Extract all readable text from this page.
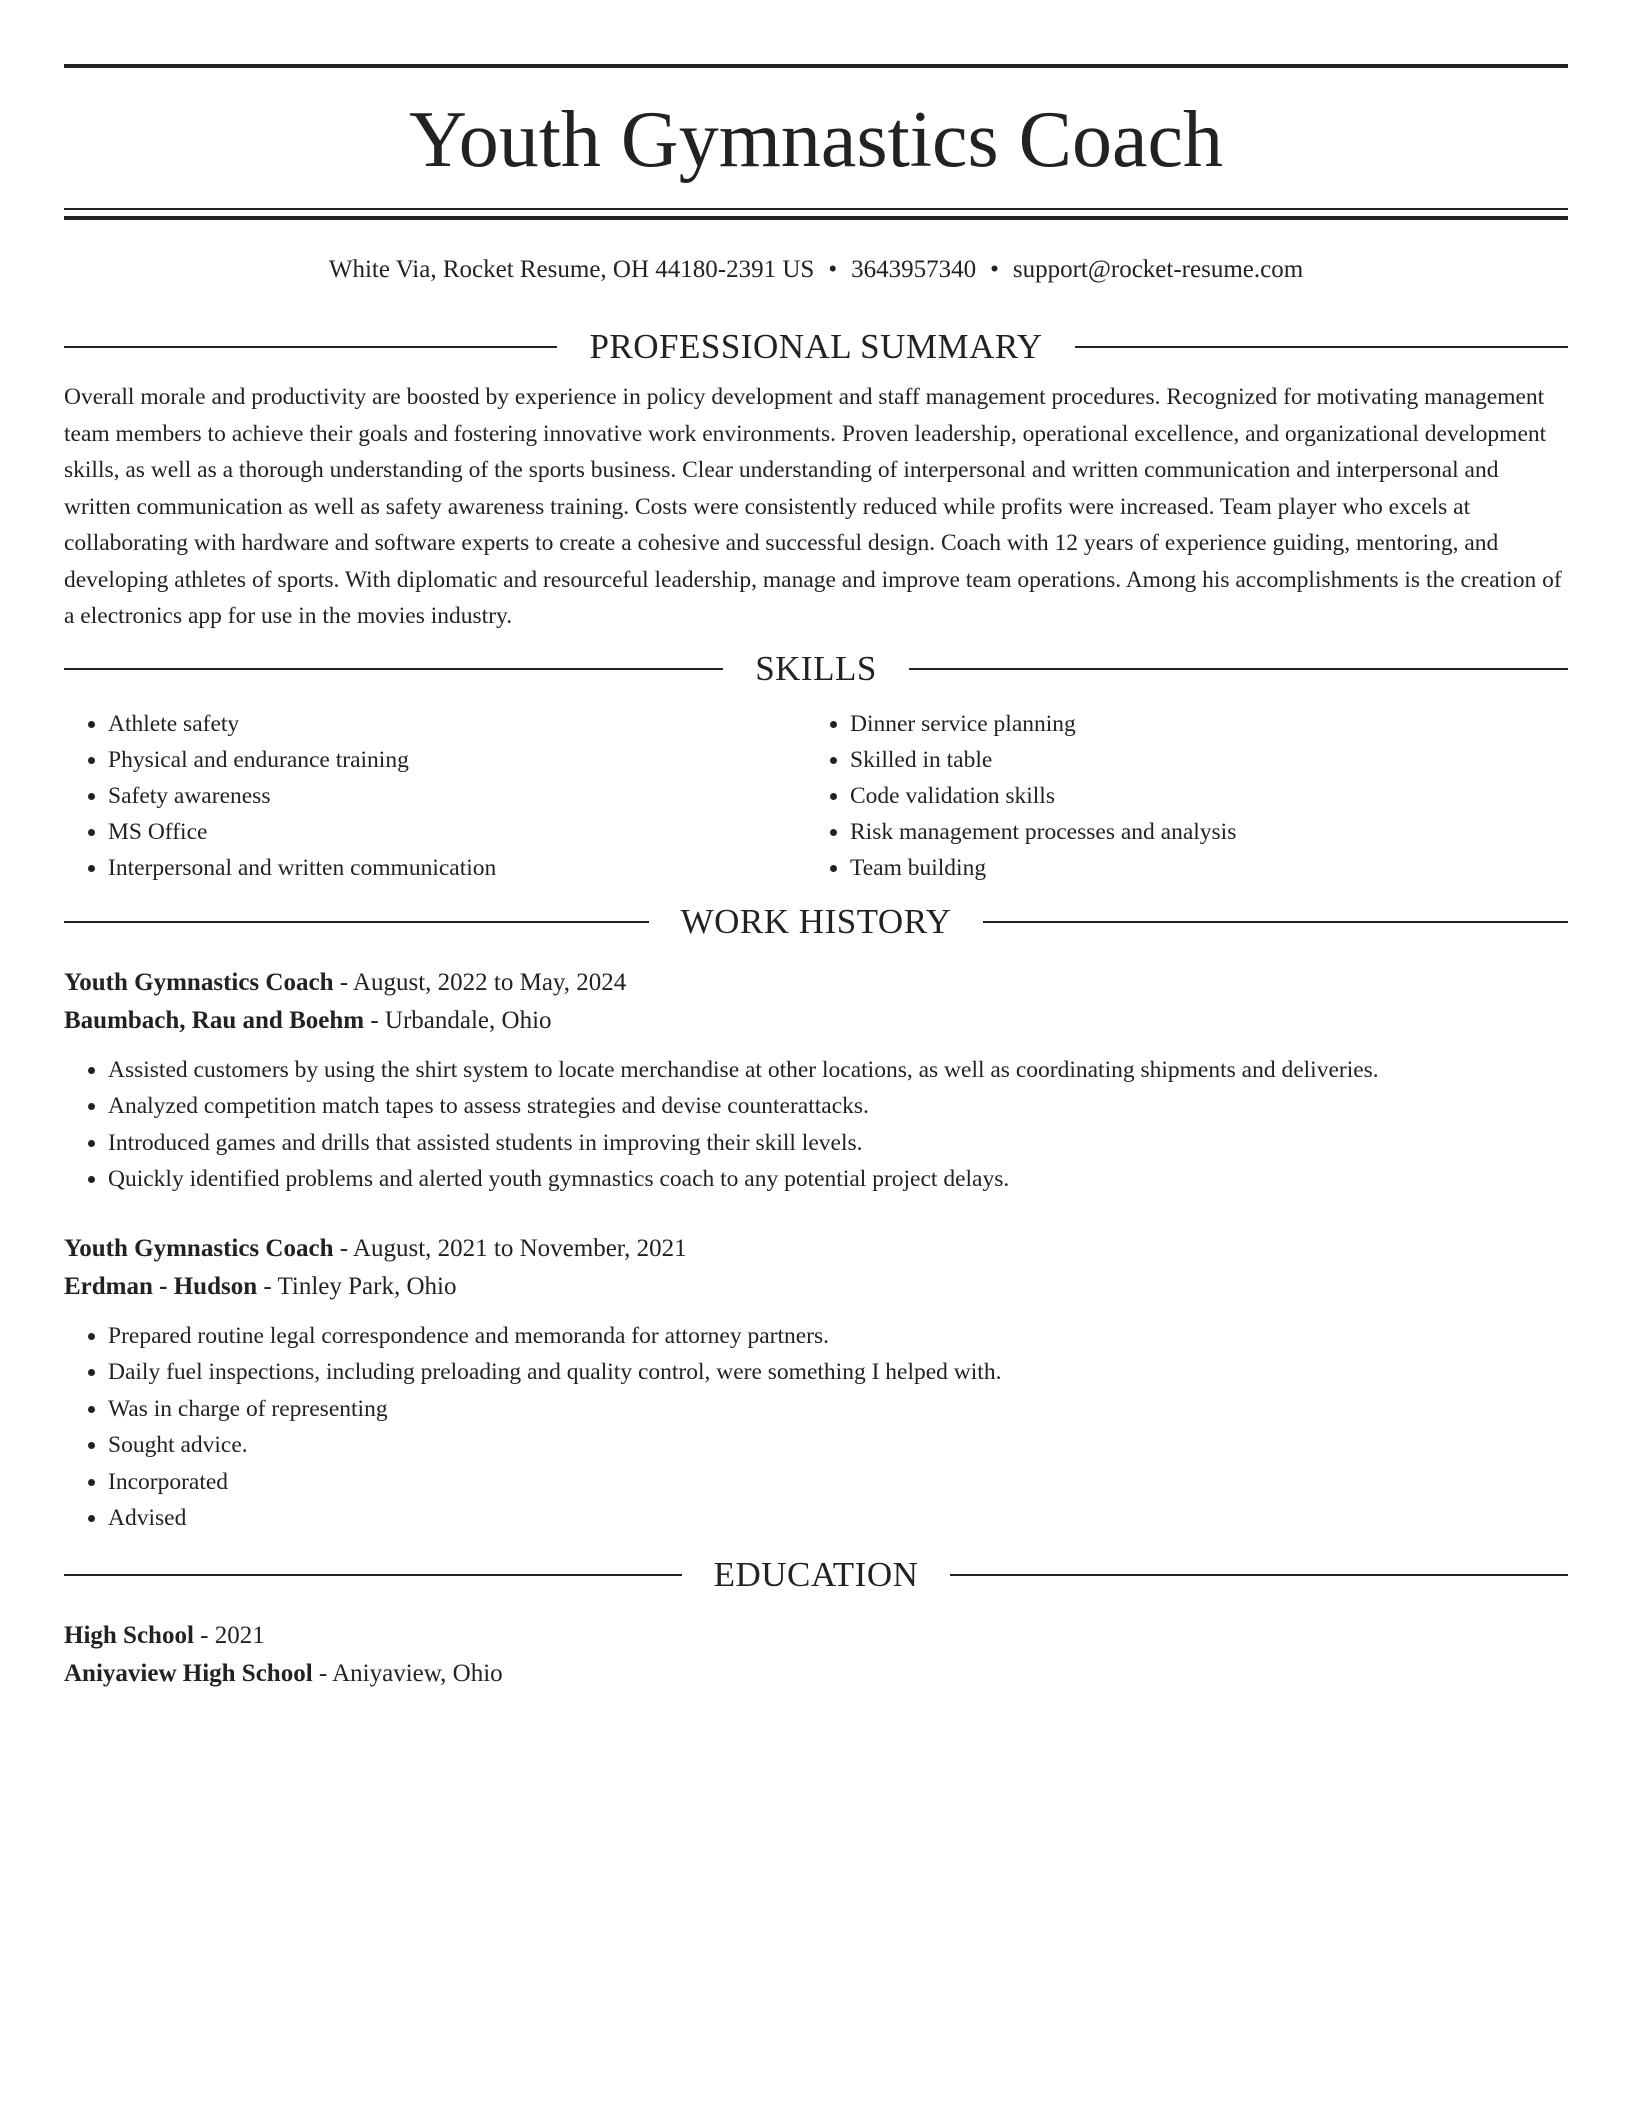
Youth Gymnastics Coach
White Via, Rocket Resume, OH 44180-2391 US • 3643957340 • support@rocket-resume.com
PROFESSIONAL SUMMARY
Overall morale and productivity are boosted by experience in policy development and staff management procedures. Recognized for motivating management team members to achieve their goals and fostering innovative work environments. Proven leadership, operational excellence, and organizational development skills, as well as a thorough understanding of the sports business. Clear understanding of interpersonal and written communication and interpersonal and written communication as well as safety awareness training. Costs were consistently reduced while profits were increased. Team player who excels at collaborating with hardware and software experts to create a cohesive and successful design. Coach with 12 years of experience guiding, mentoring, and developing athletes of sports. With diplomatic and resourceful leadership, manage and improve team operations. Among his accomplishments is the creation of a electronics app for use in the movies industry.
SKILLS
• Athlete safety
• Physical and endurance training
• Safety awareness
• MS Office
• Interpersonal and written communication
• Dinner service planning
• Skilled in table
• Code validation skills
• Risk management processes and analysis
• Team building
WORK HISTORY
Youth Gymnastics Coach - August, 2022 to May, 2024
Baumbach, Rau and Boehm - Urbandale, Ohio
• Assisted customers by using the shirt system to locate merchandise at other locations, as well as coordinating shipments and deliveries.
• Analyzed competition match tapes to assess strategies and devise counterattacks.
• Introduced games and drills that assisted students in improving their skill levels.
• Quickly identified problems and alerted youth gymnastics coach to any potential project delays.
Youth Gymnastics Coach - August, 2021 to November, 2021
Erdman - Hudson - Tinley Park, Ohio
• Prepared routine legal correspondence and memoranda for attorney partners.
• Daily fuel inspections, including preloading and quality control, were something I helped with.
• Was in charge of representing
• Sought advice.
• Incorporated
• Advised
EDUCATION
High School - 2021
Aniyaview High School - Aniyaview, Ohio
